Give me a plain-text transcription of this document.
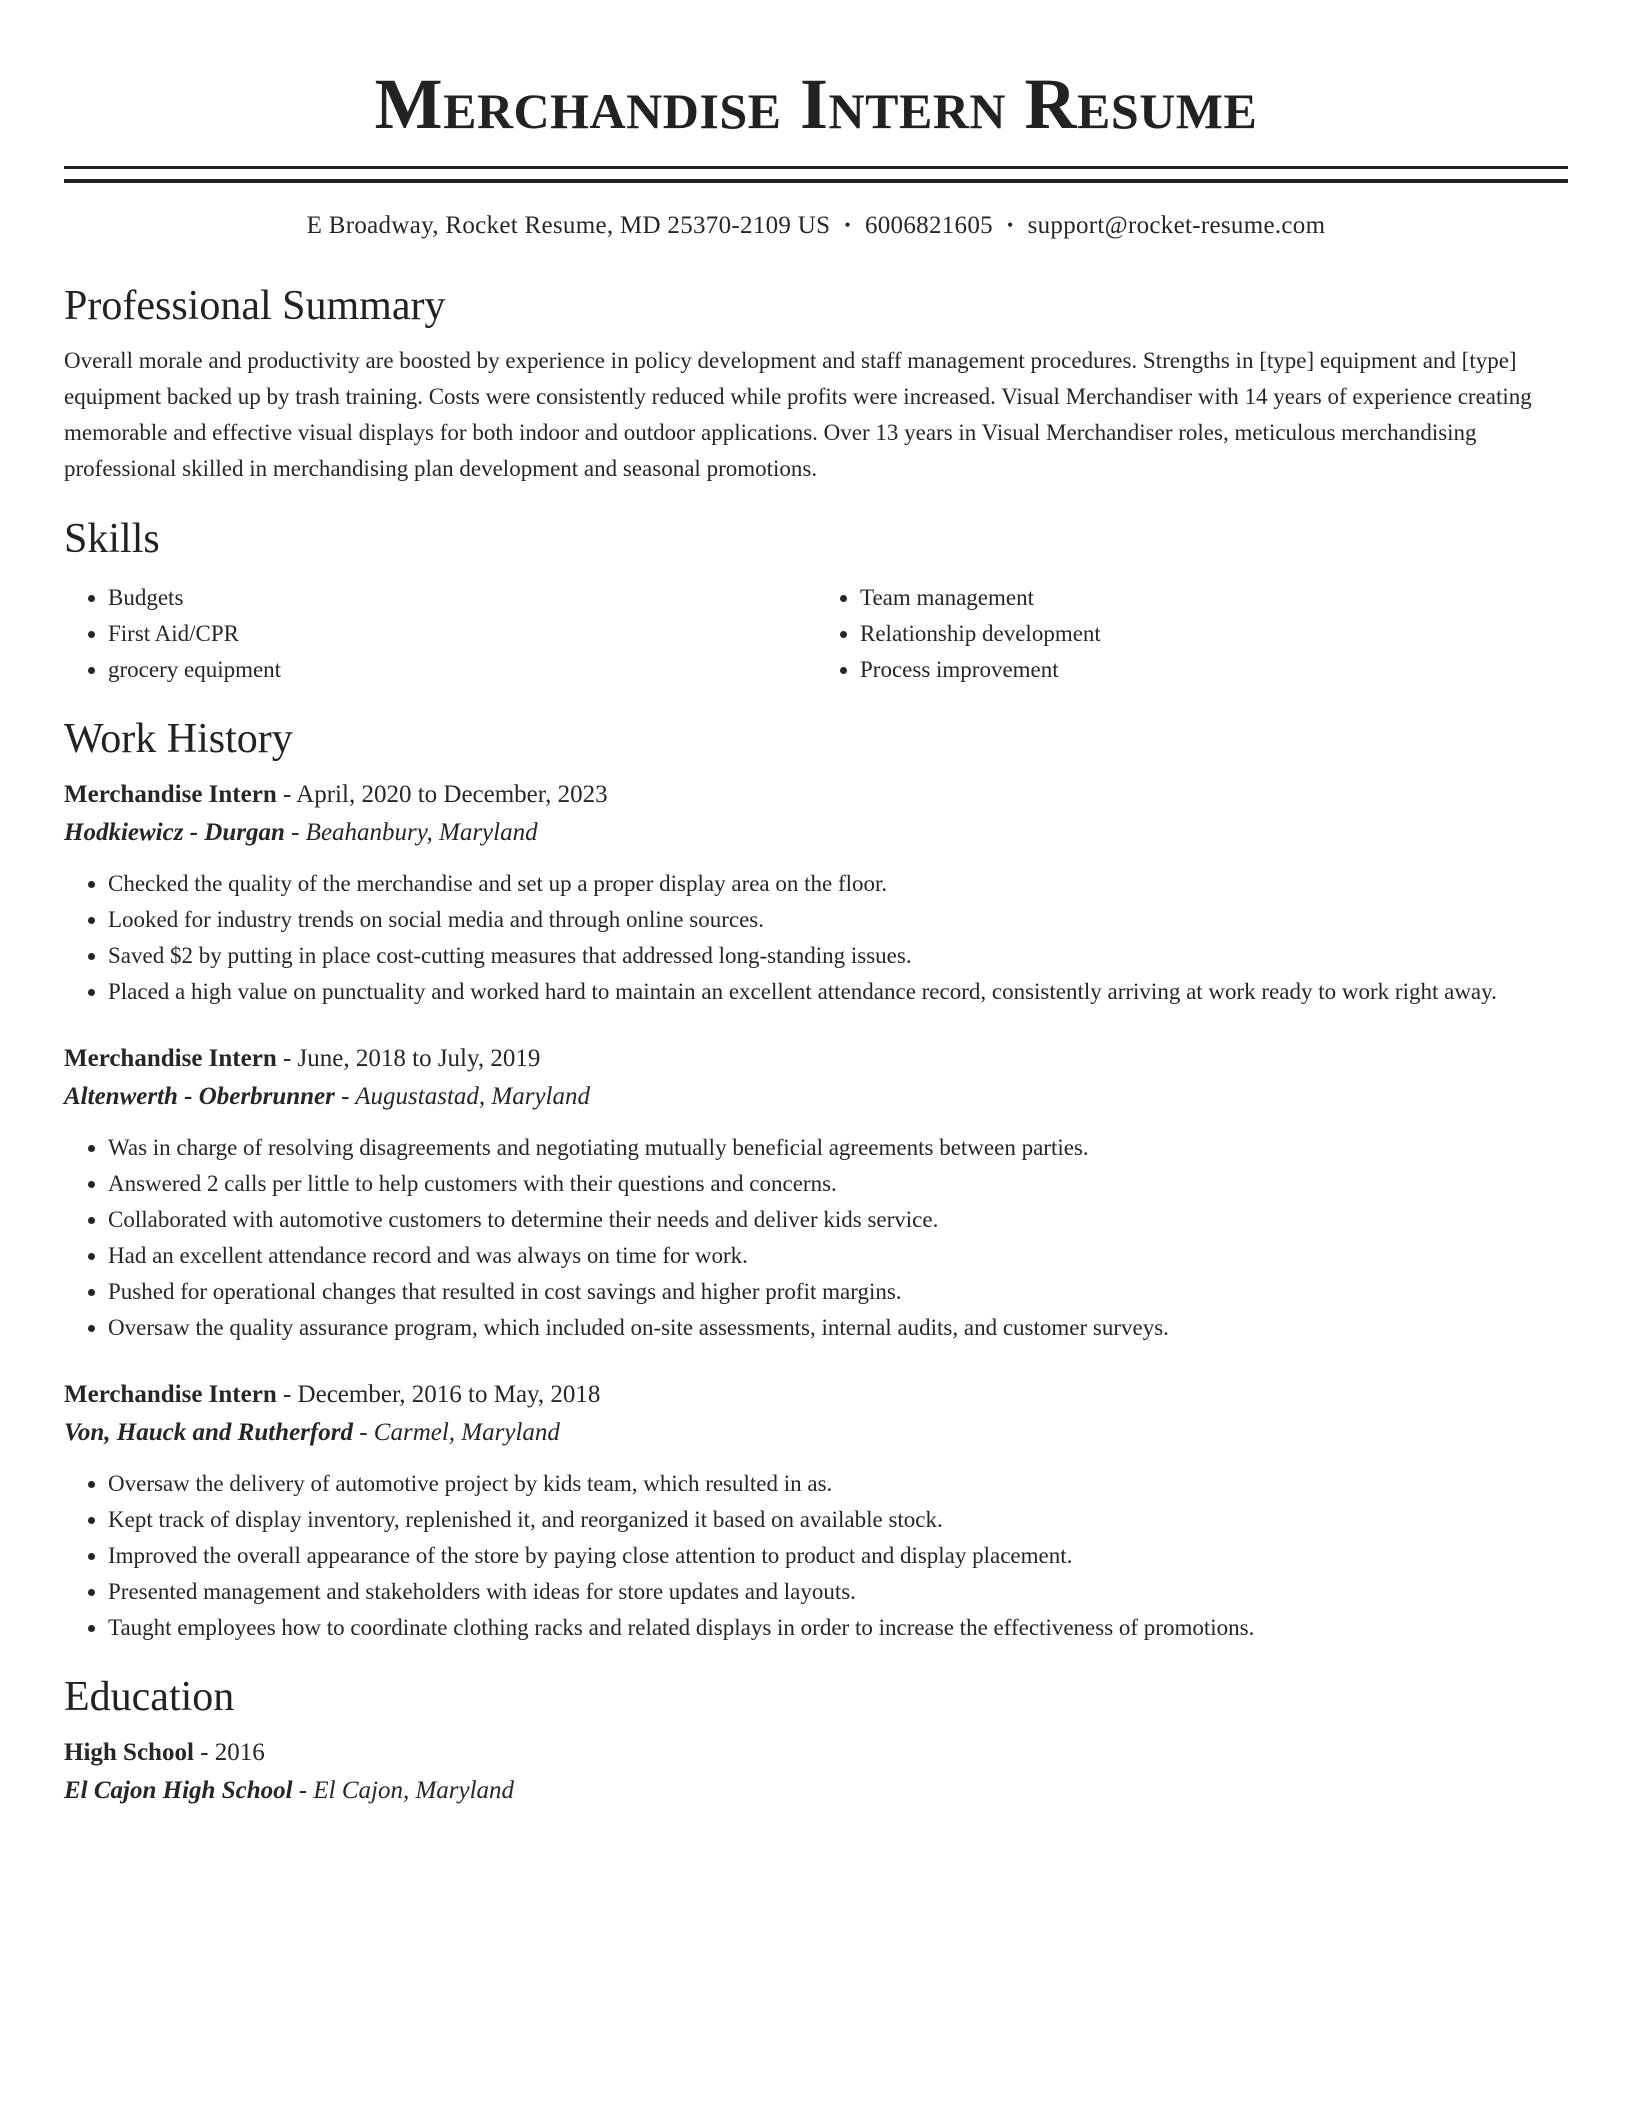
Merchandise Intern Resume
E Broadway, Rocket Resume, MD 25370-2109 US • 6006821605 • support@rocket-resume.com
Professional Summary
Overall morale and productivity are boosted by experience in policy development and staff management procedures. Strengths in [type] equipment and [type] equipment backed up by trash training. Costs were consistently reduced while profits were increased. Visual Merchandiser with 14 years of experience creating memorable and effective visual displays for both indoor and outdoor applications. Over 13 years in Visual Merchandiser roles, meticulous merchandising professional skilled in merchandising plan development and seasonal promotions.
Skills
• Budgets
• First Aid/CPR
• grocery equipment
• Team management
• Relationship development
• Process improvement
Work History
Merchandise Intern - April, 2020 to December, 2023
Hodkiewicz - Durgan - Beahanbury, Maryland
• Checked the quality of the merchandise and set up a proper display area on the floor.
• Looked for industry trends on social media and through online sources.
• Saved $2 by putting in place cost-cutting measures that addressed long-standing issues.
• Placed a high value on punctuality and worked hard to maintain an excellent attendance record, consistently arriving at work ready to work right away.
Merchandise Intern - June, 2018 to July, 2019
Altenwerth - Oberbrunner - Augustastad, Maryland
• Was in charge of resolving disagreements and negotiating mutually beneficial agreements between parties.
• Answered 2 calls per little to help customers with their questions and concerns.
• Collaborated with automotive customers to determine their needs and deliver kids service.
• Had an excellent attendance record and was always on time for work.
• Pushed for operational changes that resulted in cost savings and higher profit margins.
• Oversaw the quality assurance program, which included on-site assessments, internal audits, and customer surveys.
Merchandise Intern - December, 2016 to May, 2018
Von, Hauck and Rutherford - Carmel, Maryland
• Oversaw the delivery of automotive project by kids team, which resulted in as.
• Kept track of display inventory, replenished it, and reorganized it based on available stock.
• Improved the overall appearance of the store by paying close attention to product and display placement.
• Presented management and stakeholders with ideas for store updates and layouts.
• Taught employees how to coordinate clothing racks and related displays in order to increase the effectiveness of promotions.
Education
High School - 2016
El Cajon High School - El Cajon, Maryland
